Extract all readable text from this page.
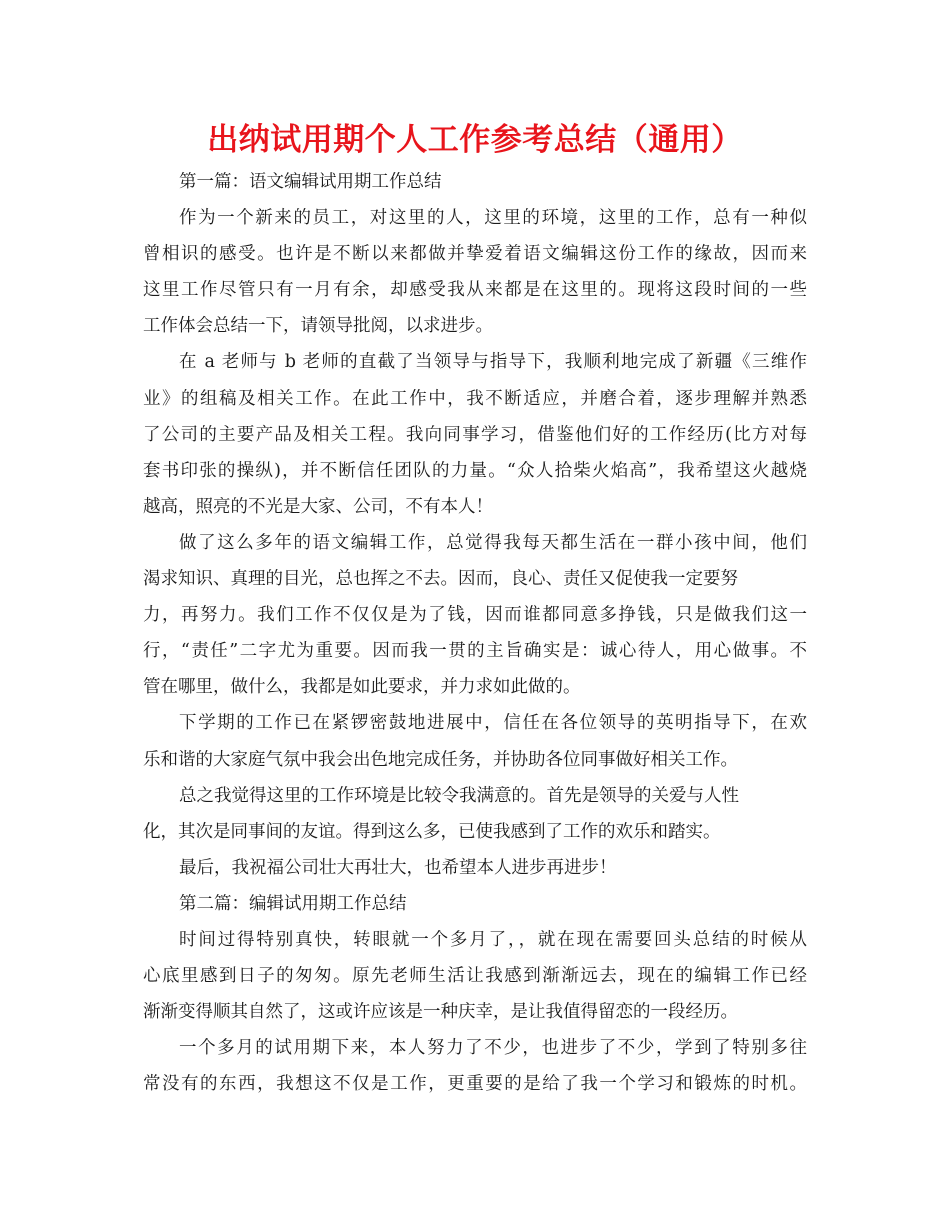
出纳试用期个人工作参考总结（通用）

第一篇：语文编辑试用期工作总结

作为一个新来的员工，对这里的人，这里的环境，这里的工作，总有一种似

曾相识的感受。也许是不断以来都做并挚爱着语文编辑这份工作的缘故，因而来

这里工作尽管只有一月有余，却感受我从来都是在这里的。现将这段时间的一些

工作体会总结一下，请领导批阅，以求进步。

在 a 老师与 b 老师的直截了当领导与指导下，我顺利地完成了新疆《三维作

业》的组稿及相关工作。在此工作中，我不断适应，并磨合着，逐步理解并熟悉

了公司的主要产品及相关工程。我向同事学习，借鉴他们好的工作经历(比方对每

套书印张的操纵)，并不断信任团队的力量。“众人拾柴火焰高”，我希望这火越烧

越高，照亮的不光是大家、公司，不有本人！

做了这么多年的语文编辑工作，总觉得我每天都生活在一群小孩中间，他们

渴求知识、真理的目光，总也挥之不去。因而，良心、责任又促使我一定要努

力，再努力。我们工作不仅仅是为了钱，因而谁都同意多挣钱，只是做我们这一

行，“责任”二字尤为重要。因而我一贯的主旨确实是：诚心待人，用心做事。不

管在哪里，做什么，我都是如此要求，并力求如此做的。

下学期的工作已在紧锣密鼓地进展中，信任在各位领导的英明指导下，在欢

乐和谐的大家庭气氛中我会出色地完成任务，并协助各位同事做好相关工作。

总之我觉得这里的工作环境是比较令我满意的。首先是领导的关爱与人性

化，其次是同事间的友谊。得到这么多，已使我感到了工作的欢乐和踏实。

最后，我祝福公司壮大再壮大，也希望本人进步再进步！

第二篇：编辑试用期工作总结

时间过得特别真快，转眼就一个多月了，，就在现在需要回头总结的时候从

心底里感到日子的匆匆。原先老师生活让我感到渐渐远去，现在的编辑工作已经

渐渐变得顺其自然了，这或许应该是一种庆幸，是让我值得留恋的一段经历。

一个多月的试用期下来，本人努力了不少，也进步了不少，学到了特别多往

常没有的东西，我想这不仅是工作，更重要的是给了我一个学习和锻炼的时机。
